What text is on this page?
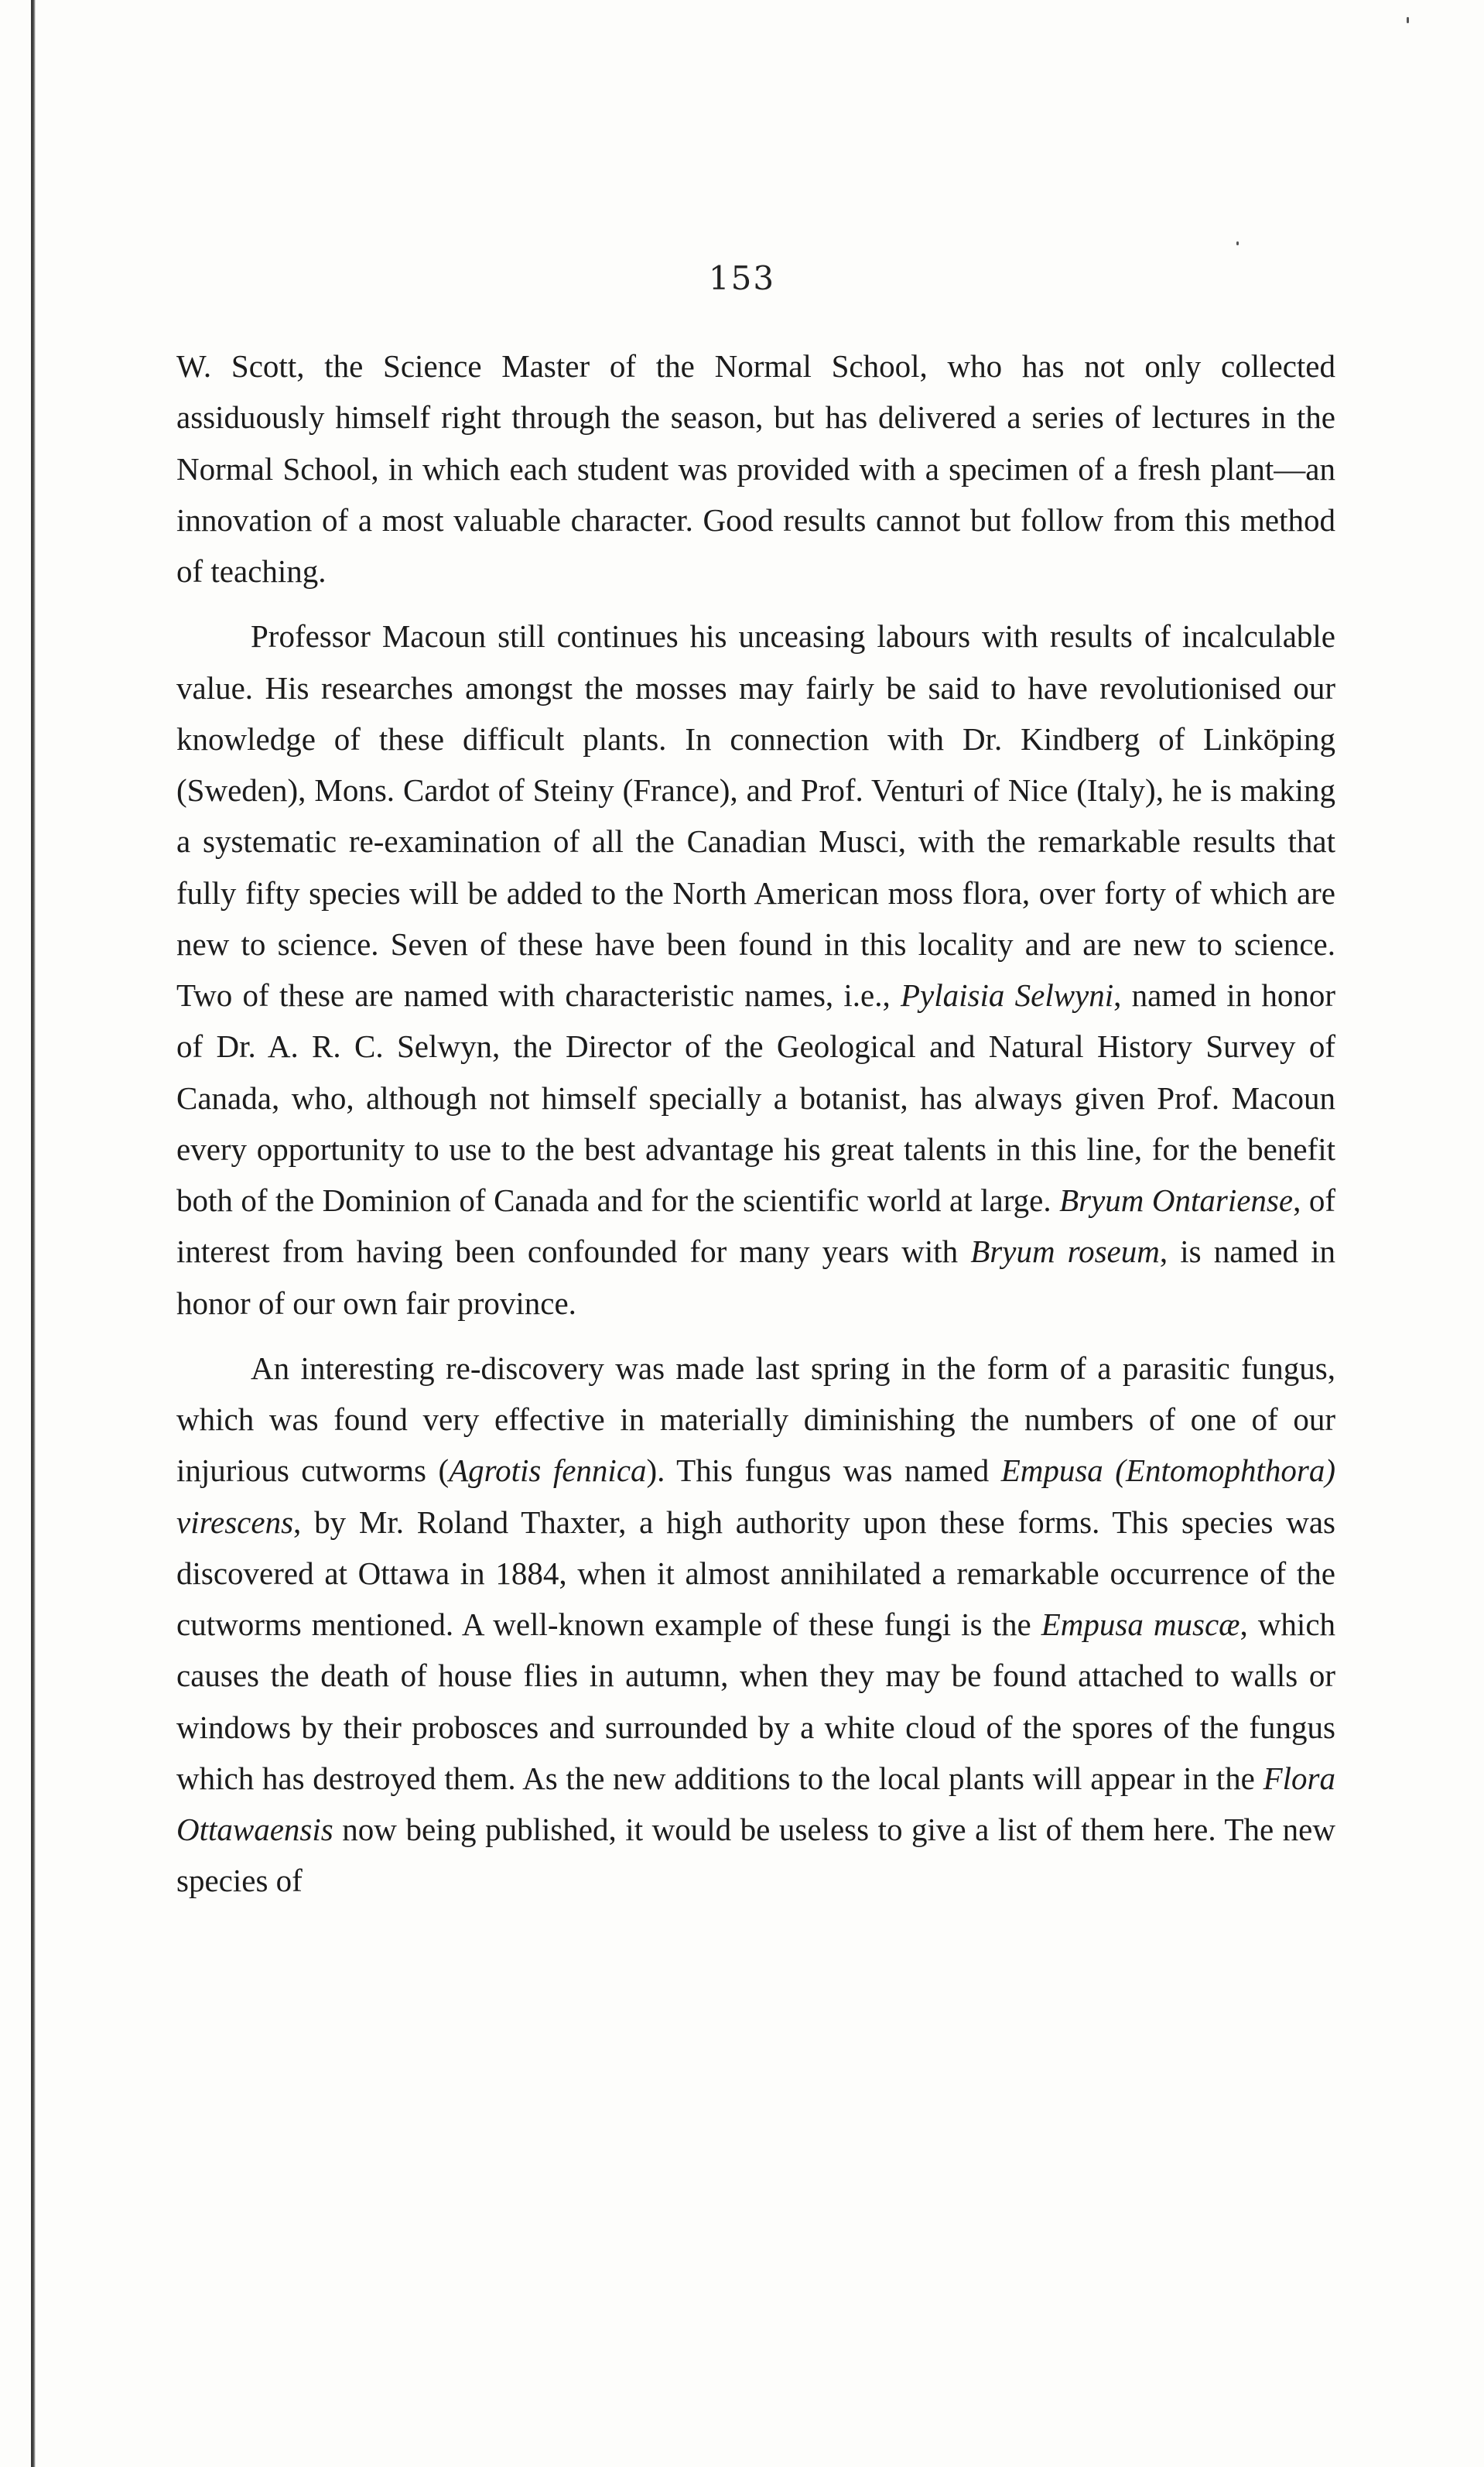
153

W. Scott, the Science Master of the Normal School, who has not only collected assiduously himself right through the season, but has delivered a series of lectures in the Normal School, in which each student was provided with a specimen of a fresh plant—an innovation of a most valuable character. Good results cannot but follow from this method of teaching.

Professor Macoun still continues his unceasing labours with results of incalculable value. His researches amongst the mosses may fairly be said to have revolutionised our knowledge of these difficult plants. In connection with Dr. Kindberg of Linköping (Sweden), Mons. Cardot of Steiny (France), and Prof. Venturi of Nice (Italy), he is making a systematic re-examination of all the Canadian Musci, with the remarkable results that fully fifty species will be added to the North American moss flora, over forty of which are new to science. Seven of these have been found in this locality and are new to science. Two of these are named with characteristic names, i.e., Pylaisia Selwyni, named in honor of Dr. A. R. C. Selwyn, the Director of the Geological and Natural History Survey of Canada, who, although not himself specially a botanist, has always given Prof. Macoun every opportunity to use to the best advantage his great talents in this line, for the benefit both of the Dominion of Canada and for the scientific world at large. Bryum Ontariense, of interest from having been confounded for many years with Bryum roseum, is named in honor of our own fair province.

An interesting re-discovery was made last spring in the form of a parasitic fungus, which was found very effective in materially diminishing the numbers of one of our injurious cutworms (Agrotis fennica). This fungus was named Empusa (Entomophthora) virescens, by Mr. Roland Thaxter, a high authority upon these forms. This species was discovered at Ottawa in 1884, when it almost annihilated a remarkable occurrence of the cutworms mentioned. A well-known example of these fungi is the Empusa muscæ, which causes the death of house flies in autumn, when they may be found attached to walls or windows by their probosces and surrounded by a white cloud of the spores of the fungus which has destroyed them. As the new additions to the local plants will appear in the Flora Ottawaensis now being published, it would be useless to give a list of them here. The new species of
